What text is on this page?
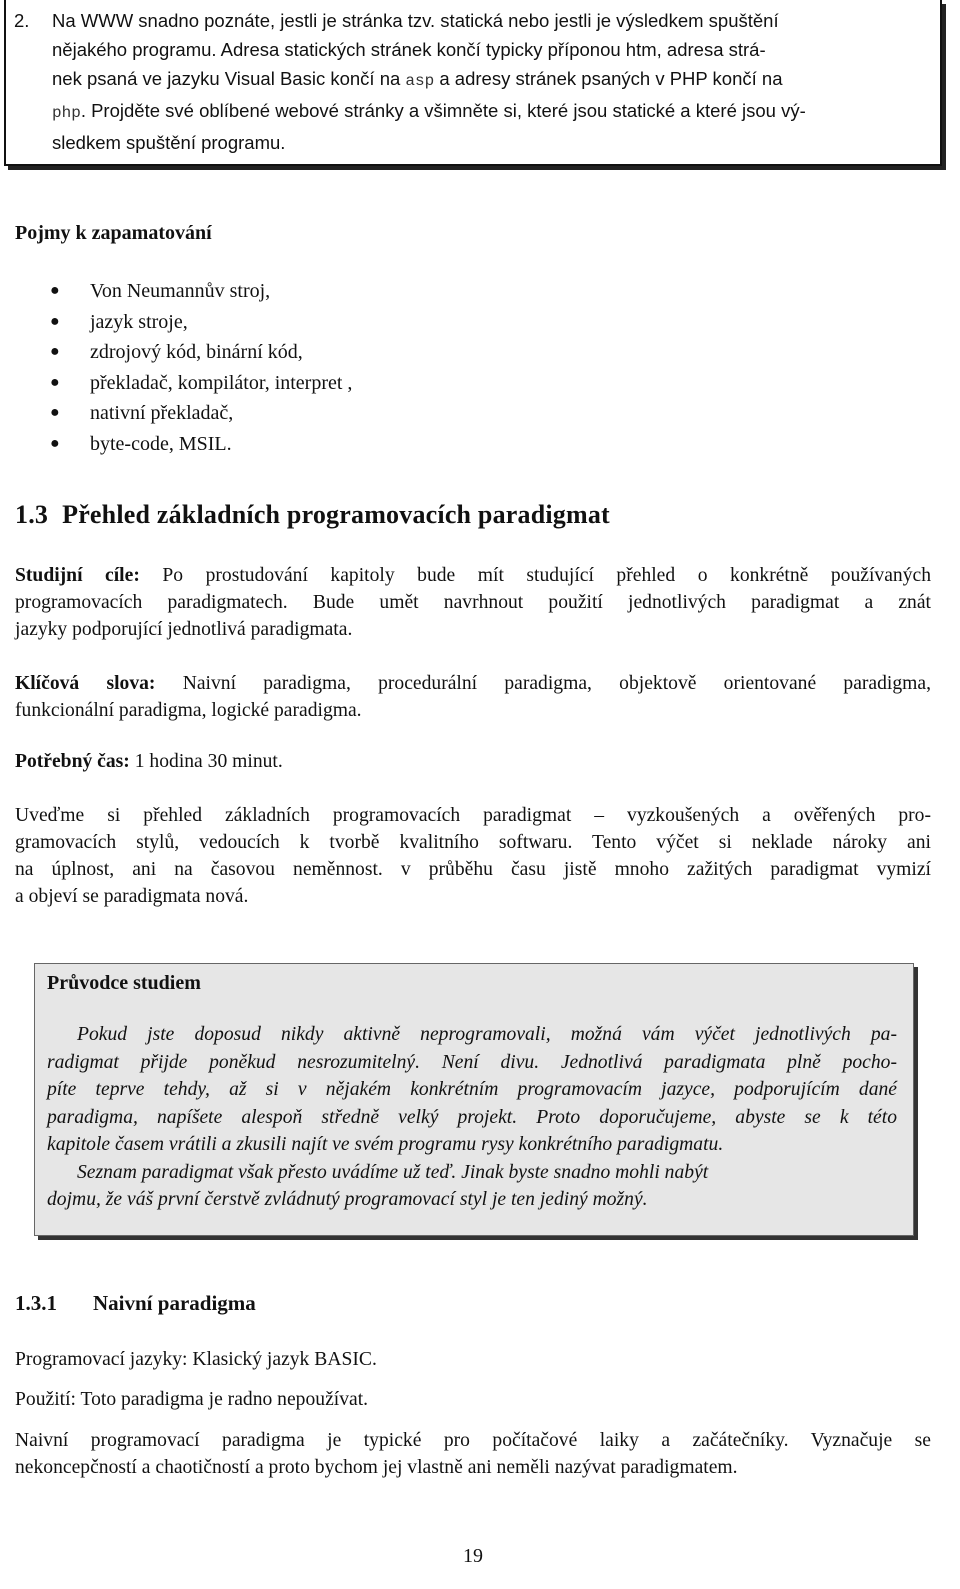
2. Na WWW snadno poznáte, jestli je stránka tzv. statická nebo jestli je výsledkem spuštění
nějakého programu. Adresa statických stránek končí typicky příponou htm, adresa strá-
nek psaná ve jazyku Visual Basic končí na asp a adresy stránek psaných v PHP končí na
php. Projděte své oblíbené webové stránky a všimněte si, které jsou statické a které jsou vý-
sledkem spuštění programu.
Pojmy k zapamatování
● Von Neumannův stroj,
● jazyk stroje,
● zdrojový kód, binární kód,
● překladač, kompilátor, interpret ,
● nativní překladač,
● byte-code, MSIL.
1.3 Přehled základních programovacích paradigmat
Studijní cíle: Po prostudování kapitoly bude mít studující přehled o konkrétně používaných
programovacích paradigmatech. Bude umět navrhnout použití jednotlivých paradigmat a znát
jazyky podporující jednotlivá paradigmata.
Klíčová slova: Naivní paradigma, procedurální paradigma, objektově orientované paradigma,
funkcionální paradigma, logické paradigma.
Potřebný čas: 1 hodina 30 minut.
Uveďme si přehled základních programovacích paradigmat – vyzkoušených a ověřených pro-
gramovacích stylů, vedoucích k tvorbě kvalitního softwaru. Tento výčet si neklade nároky ani
na úplnost, ani na časovou neměnnost. v průběhu času jistě mnoho zažitých paradigmat vymizí
a objeví se paradigmata nová.
Průvodce studiem
Pokud jste doposud nikdy aktivně neprogramovali, možná vám výčet jednotlivých pa-
radigmat přijde poněkud nesrozumitelný. Není divu. Jednotlivá paradigmata plně pocho-
píte teprve tehdy, až si v nějakém konkrétním programovacím jazyce, podporujícím dané
paradigma, napíšete alespoň středně velký projekt. Proto doporučujeme, abyste se k této
kapitole časem vrátili a zkusili najít ve svém programu rysy konkrétního paradigmatu.
Seznam paradigmat však přesto uvádíme už teď. Jinak byste snadno mohli nabýt
dojmu, že váš první čerstvě zvládnutý programovací styl je ten jediný možný.
1.3.1 Naivní paradigma
Programovací jazyky: Klasický jazyk BASIC.
Použití: Toto paradigma je radno nepoužívat.
Naivní programovací paradigma je typické pro počítačové laiky a začátečníky. Vyznačuje se
nekoncepčností a chaotičností a proto bychom jej vlastně ani neměli nazývat paradigmatem.
19
